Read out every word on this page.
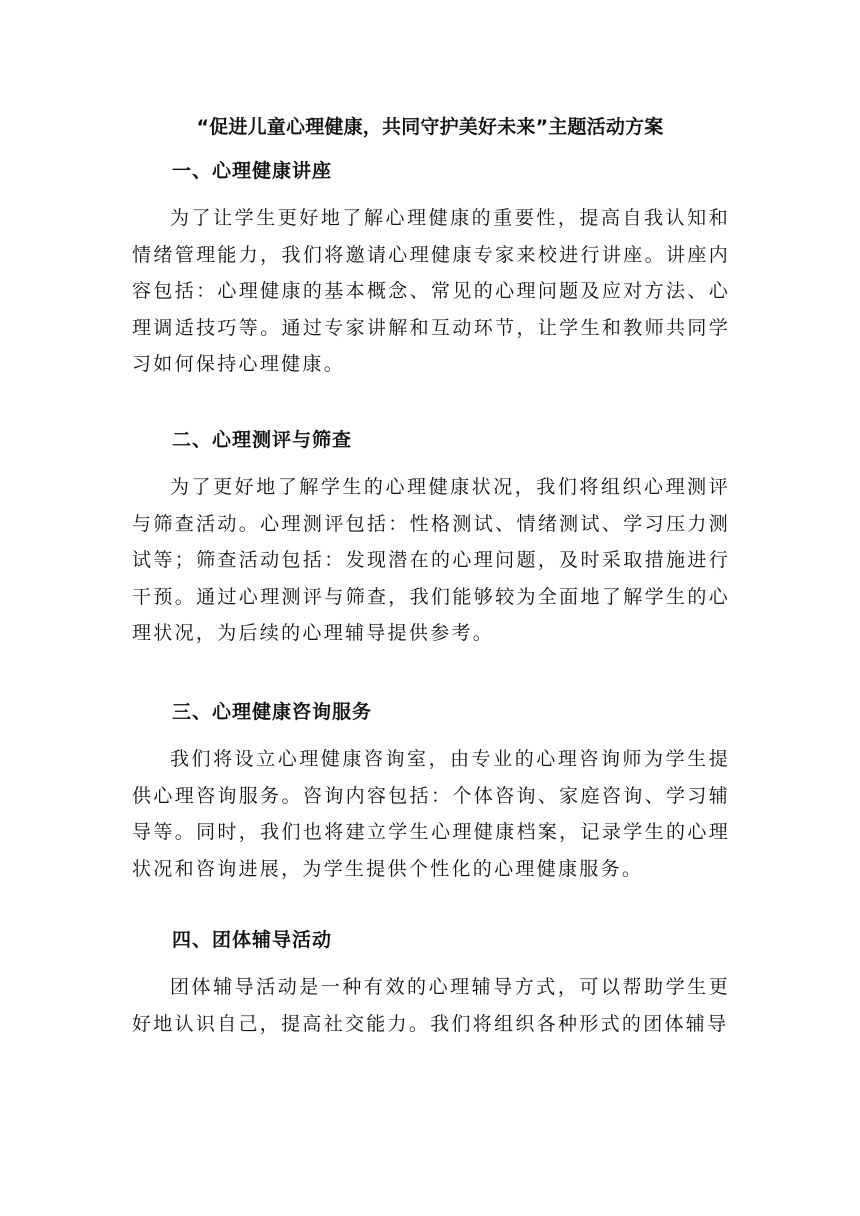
“促进儿童心理健康，共同守护美好未来”主题活动方案
一、心理健康讲座

为了让学生更好地了解心理健康的重要性，提高自我认知和情绪管理能力，我们将邀请心理健康专家来校进行讲座。讲座内容包括：心理健康的基本概念、常见的心理问题及应对方法、心理调适技巧等。通过专家讲解和互动环节，让学生和教师共同学习如何保持心理健康。

二、心理测评与筛查

为了更好地了解学生的心理健康状况，我们将组织心理测评与筛查活动。心理测评包括：性格测试、情绪测试、学习压力测试等；筛查活动包括：发现潜在的心理问题，及时采取措施进行干预。通过心理测评与筛查，我们能够较为全面地了解学生的心理状况，为后续的心理辅导提供参考。

三、心理健康咨询服务

我们将设立心理健康咨询室，由专业的心理咨询师为学生提供心理咨询服务。咨询内容包括：个体咨询、家庭咨询、学习辅导等。同时，我们也将建立学生心理健康档案，记录学生的心理状况和咨询进展，为学生提供个性化的心理健康服务。

四、团体辅导活动

团体辅导活动是一种有效的心理辅导方式，可以帮助学生更好地认识自己，提高社交能力。我们将组织各种形式的团体辅导
